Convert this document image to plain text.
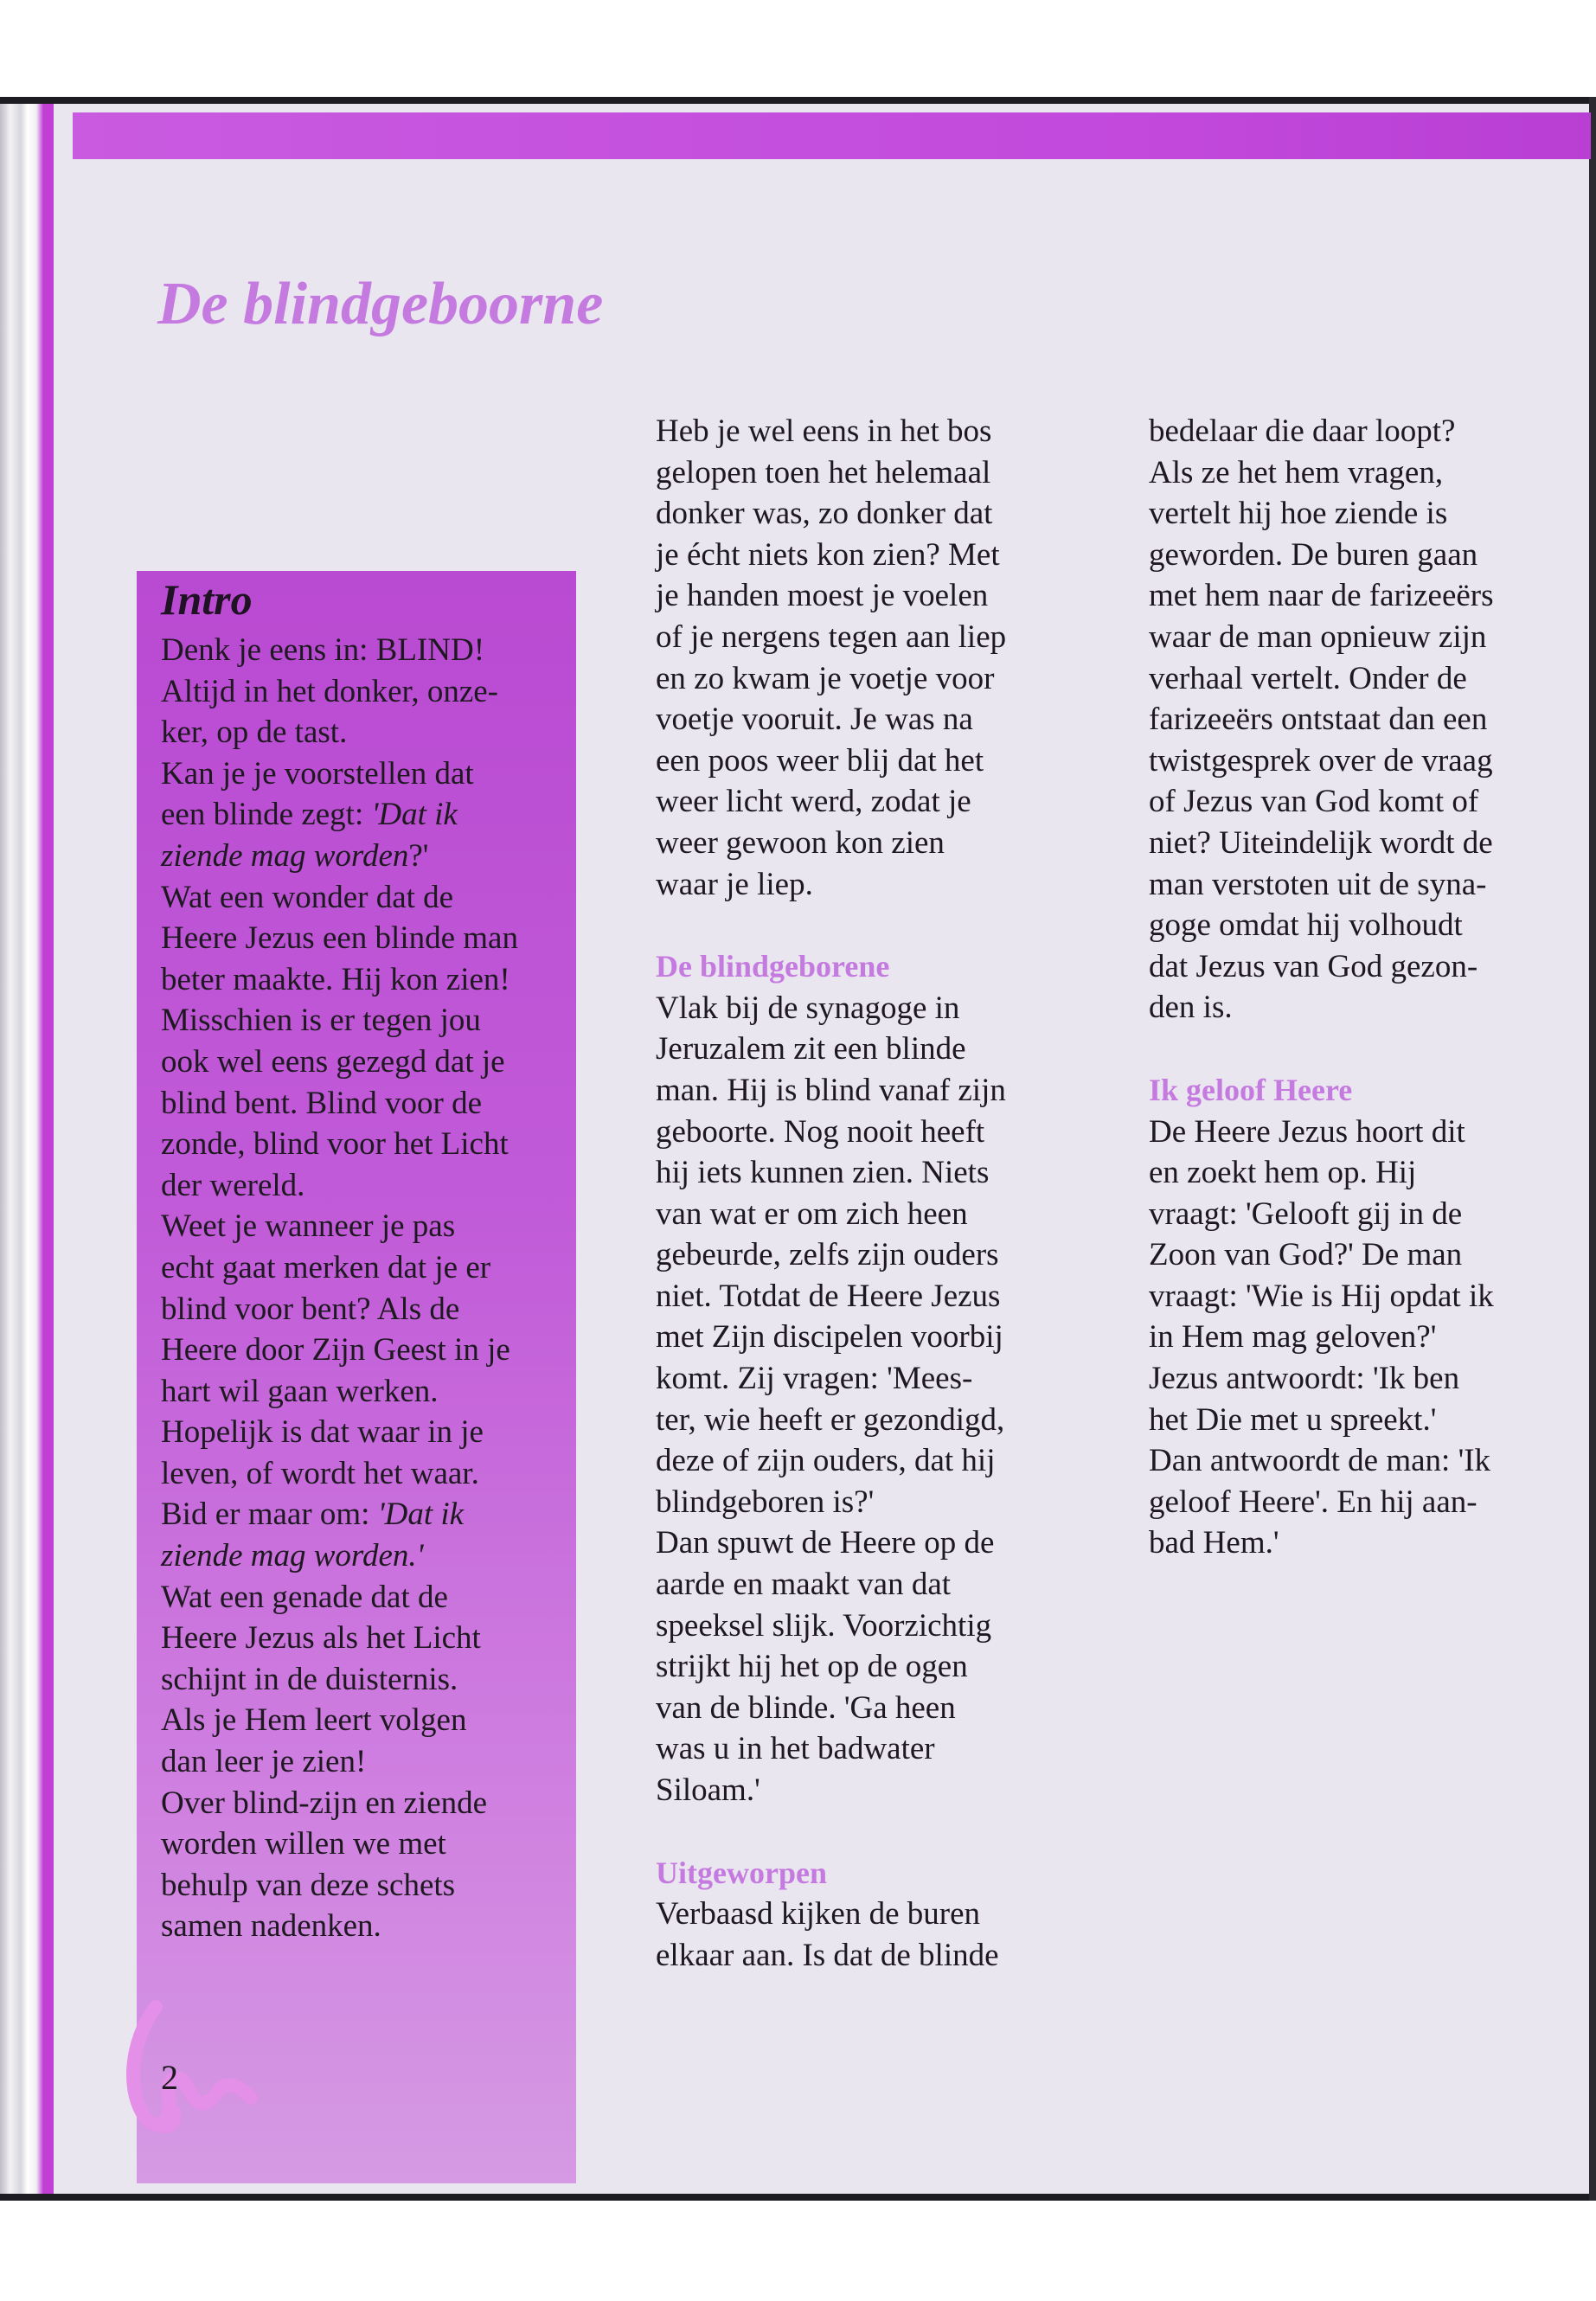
De blindgeboorne
Intro

Denk je eens in: BLIND!
Altijd in het donker, onze-
ker, op de tast.
Kan je je voorstellen dat
een blinde zegt: 'Dat ik
ziende mag worden?'
Wat een wonder dat de
Heere Jezus een blinde man
beter maakte. Hij kon zien!
Misschien is er tegen jou
ook wel eens gezegd dat je
blind bent. Blind voor de
zonde, blind voor het Licht
der wereld.
Weet je wanneer je pas
echt gaat merken dat je er
blind voor bent? Als de
Heere door Zijn Geest in je
hart wil gaan werken.
Hopelijk is dat waar in je
leven, of wordt het waar.
Bid er maar om: 'Dat ik
ziende mag worden.'
Wat een genade dat de
Heere Jezus als het Licht
schijnt in de duisternis.
Als je Hem leert volgen
dan leer je zien!
Over blind-zijn en ziende
worden willen we met
behulp van deze schets
samen nadenken.

2
Heb je wel eens in het bos
gelopen toen het helemaal
donker was, zo donker dat
je écht niets kon zien? Met
je handen moest je voelen
of je nergens tegen aan liep
en zo kwam je voetje voor
voetje vooruit. Je was na
een poos weer blij dat het
weer licht werd, zodat je
weer gewoon kon zien
waar je liep.
De blindgeborene
Vlak bij de synagoge in
Jeruzalem zit een blinde
man. Hij is blind vanaf zijn
geboorte. Nog nooit heeft
hij iets kunnen zien. Niets
van wat er om zich heen
gebeurde, zelfs zijn ouders
niet. Totdat de Heere Jezus
met Zijn discipelen voorbij
komt. Zij vragen: 'Mees-
ter, wie heeft er gezondigd,
deze of zijn ouders, dat hij
blindgeboren is?'
Dan spuwt de Heere op de
aarde en maakt van dat
speeksel slijk. Voorzichtig
strijkt hij het op de ogen
van de blinde. 'Ga heen
was u in het badwater
Siloam.'
Uitgeworpen
Verbaasd kijken de buren
elkaar aan. Is dat de blinde
bedelaar die daar loopt?
Als ze het hem vragen,
vertelt hij hoe ziende is
geworden. De buren gaan
met hem naar de farizeeërs
waar de man opnieuw zijn
verhaal vertelt. Onder de
farizeeërs ontstaat dan een
twistgesprek over de vraag
of Jezus van God komt of
niet? Uiteindelijk wordt de
man verstoten uit de syna-
goge omdat hij volhoudt
dat Jezus van God gezon-
den is.
Ik geloof Heere
De Heere Jezus hoort dit
en zoekt hem op. Hij
vraagt: 'Gelooft gij in de
Zoon van God?' De man
vraagt: 'Wie is Hij opdat ik
in Hem mag geloven?'
Jezus antwoordt: 'Ik ben
het Die met u spreekt.'
Dan antwoordt de man: 'Ik
geloof Heere'. En hij aan-
bad Hem.'
